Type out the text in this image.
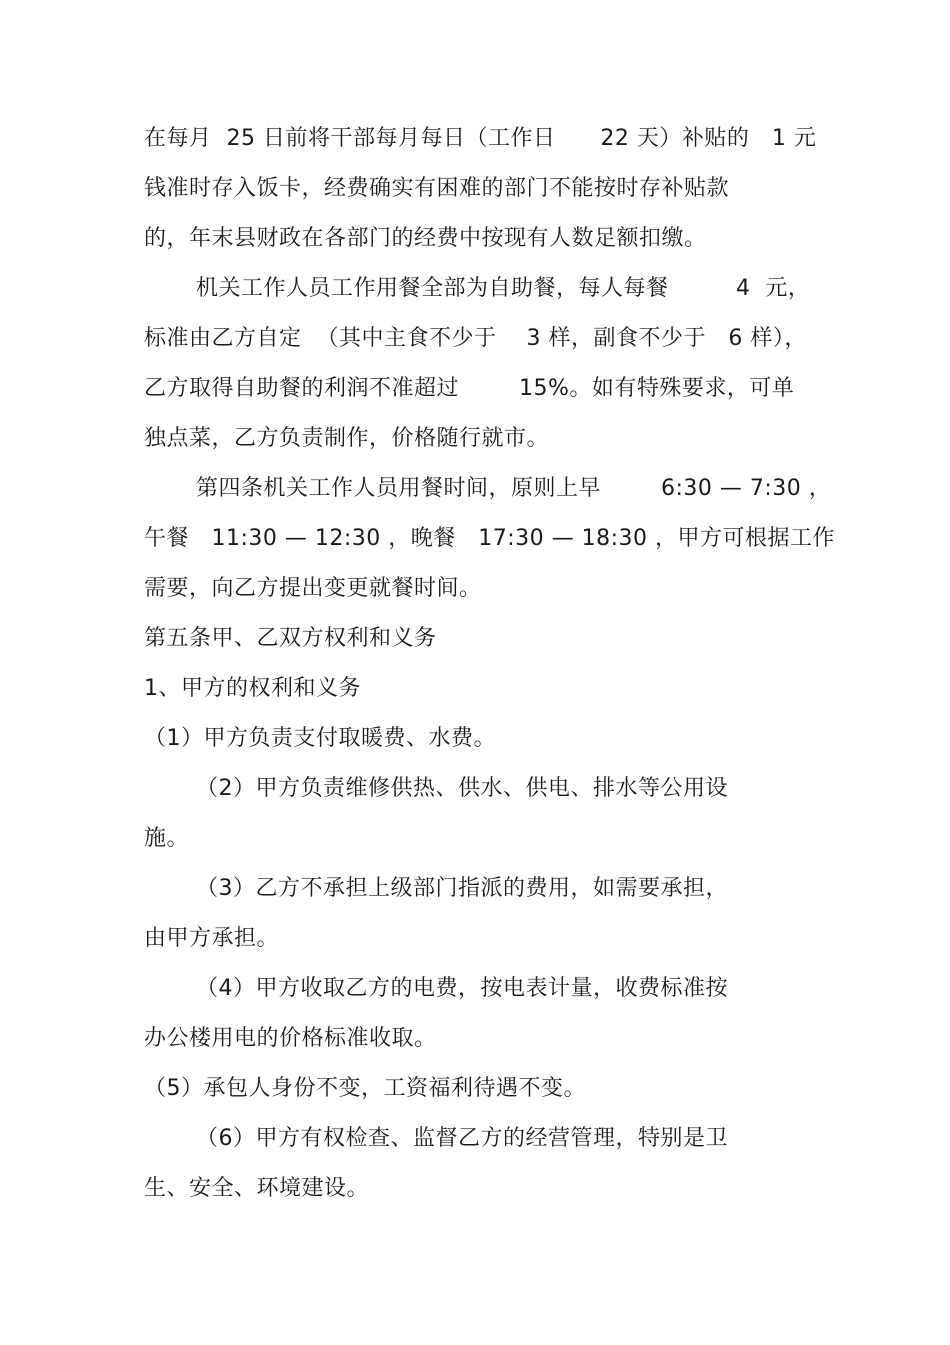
在每月  25 日前将干部每月每日（工作日      22 天）补贴的   1 元
钱准时存入饭卡，经费确实有困难的部门不能按时存补贴款
的，年末县财政在各部门的经费中按现有人数足额扣缴。
机关工作人员工作用餐全部为自助餐，每人每餐         4  元，
标准由乙方自定  （其中主食不少于    3 样，副食不少于   6 样），
乙方取得自助餐的利润不准超过        15%。如有特殊要求，可单
独点菜，乙方负责制作，价格随行就市。
第四条机关工作人员用餐时间，原则上早        6:30 — 7:30 ，
午餐   11:30 — 12:30 ，晚餐   17:30 — 18:30 ，甲方可根据工作
需要，向乙方提出变更就餐时间。
第五条甲、乙双方权利和义务
1、甲方的权利和义务
（1）甲方负责支付取暖费、水费。
（2）甲方负责维修供热、供水、供电、排水等公用设
施。
（3）乙方不承担上级部门指派的费用，如需要承担，
由甲方承担。
（4）甲方收取乙方的电费，按电表计量，收费标准按
办公楼用电的价格标准收取。
（5）承包人身份不变，工资福利待遇不变。
（6）甲方有权检查、监督乙方的经营管理，特别是卫
生、安全、环境建设。
